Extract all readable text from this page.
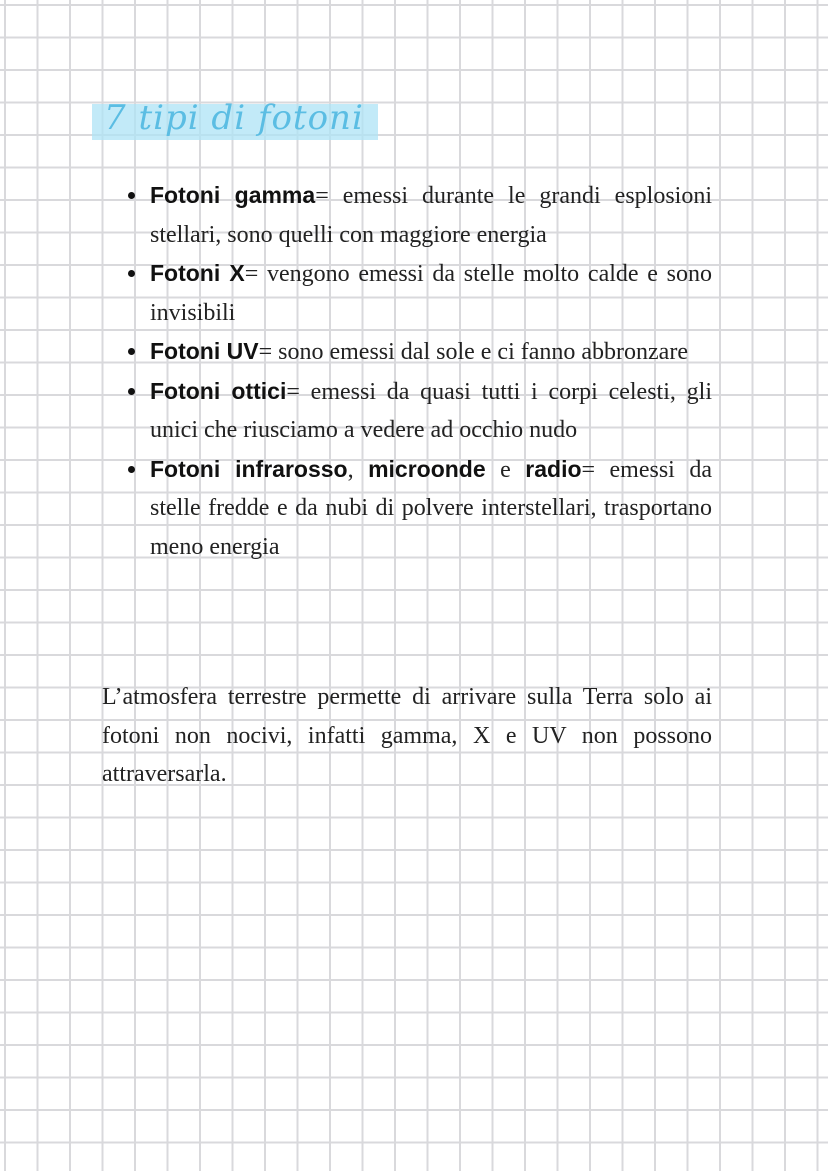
7 tipi di fotoni
Fotoni gamma= emessi durante le grandi esplosioni stellari, sono quelli con maggiore energia
Fotoni X= vengono emessi da stelle molto calde e sono invisibili
Fotoni UV= sono emessi dal sole e ci fanno abbronzare
Fotoni ottici= emessi da quasi tutti i corpi celesti, gli unici che riusciamo a vedere ad occhio nudo
Fotoni infrarosso, microonde e radio= emessi da stelle fredde e da nubi di polvere interstellari, trasportano meno energia

L’atmosfera terrestre permette di arrivare sulla Terra solo ai fotoni non nocivi, infatti gamma, X e UV non possono attraversarla.
